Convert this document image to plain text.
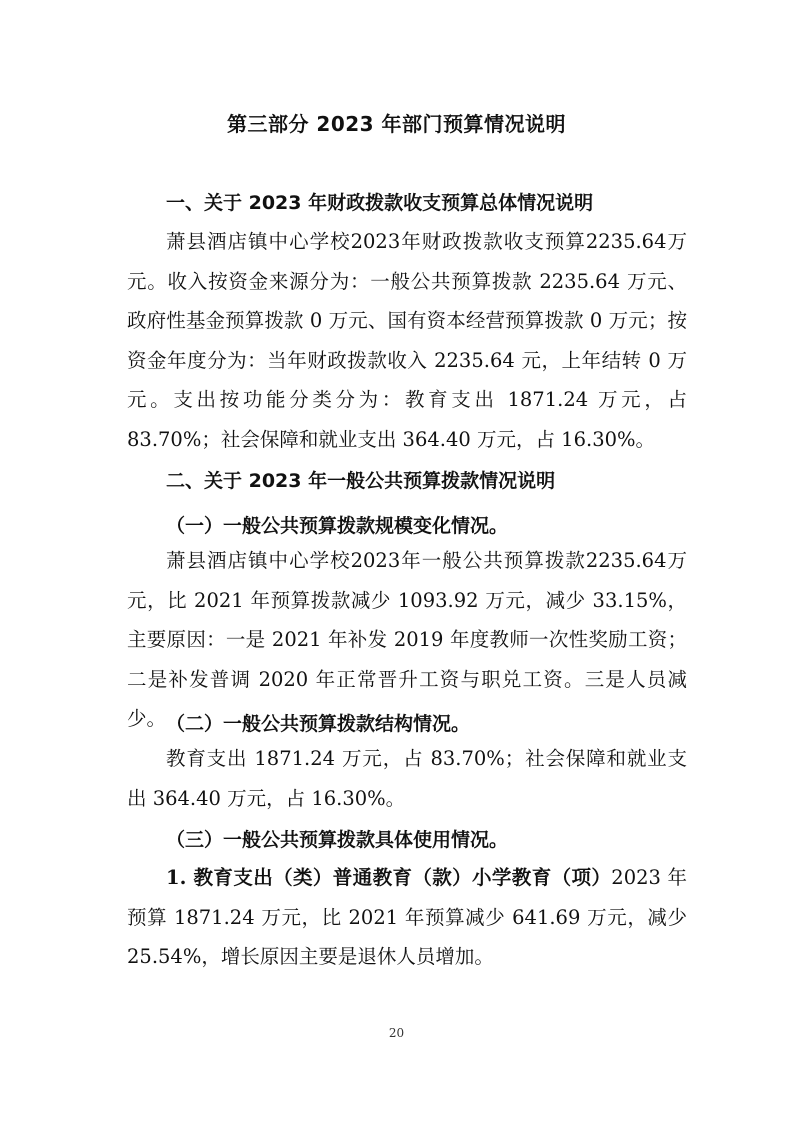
第三部分 2023 年部门预算情况说明
一、关于 2023 年财政拨款收支预算总体情况说明

萧县酒店镇中心学校2023年财政拨款收支预算2235.64万元。收入按资金来源分为：一般公共预算拨款 2235.64 万元、政府性基金预算拨款 0 万元、国有资本经营预算拨款 0 万元；按资金年度分为：当年财政拨款收入 2235.64 元，上年结转 0 万元。支出按功能分类分为：教育支出 1871.24 万元，占 83.70%；社会保障和就业支出 364.40 万元，占 16.30%。

二、关于 2023 年一般公共预算拨款情况说明
（一）一般公共预算拨款规模变化情况。

萧县酒店镇中心学校2023年一般公共预算拨款2235.64万元，比 2021 年预算拨款减少 1093.92 万元，减少 33.15%，主要原因：一是 2021 年补发 2019 年度教师一次性奖励工资；二是补发普调 2020 年正常晋升工资与职兑工资。三是人员减少。 （二）一般公共预算拨款结构情况。

教育支出 1871.24 万元，占 83.70%；社会保障和就业支出 364.40 万元，占 16.30%。

（三）一般公共预算拨款具体使用情况。

1. 教育支出（类）普通教育（款）小学教育（项）2023 年预算 1871.24 万元，比 2021 年预算减少 641.69 万元，减少 25.54%，增长原因主要是退休人员增加。

20
